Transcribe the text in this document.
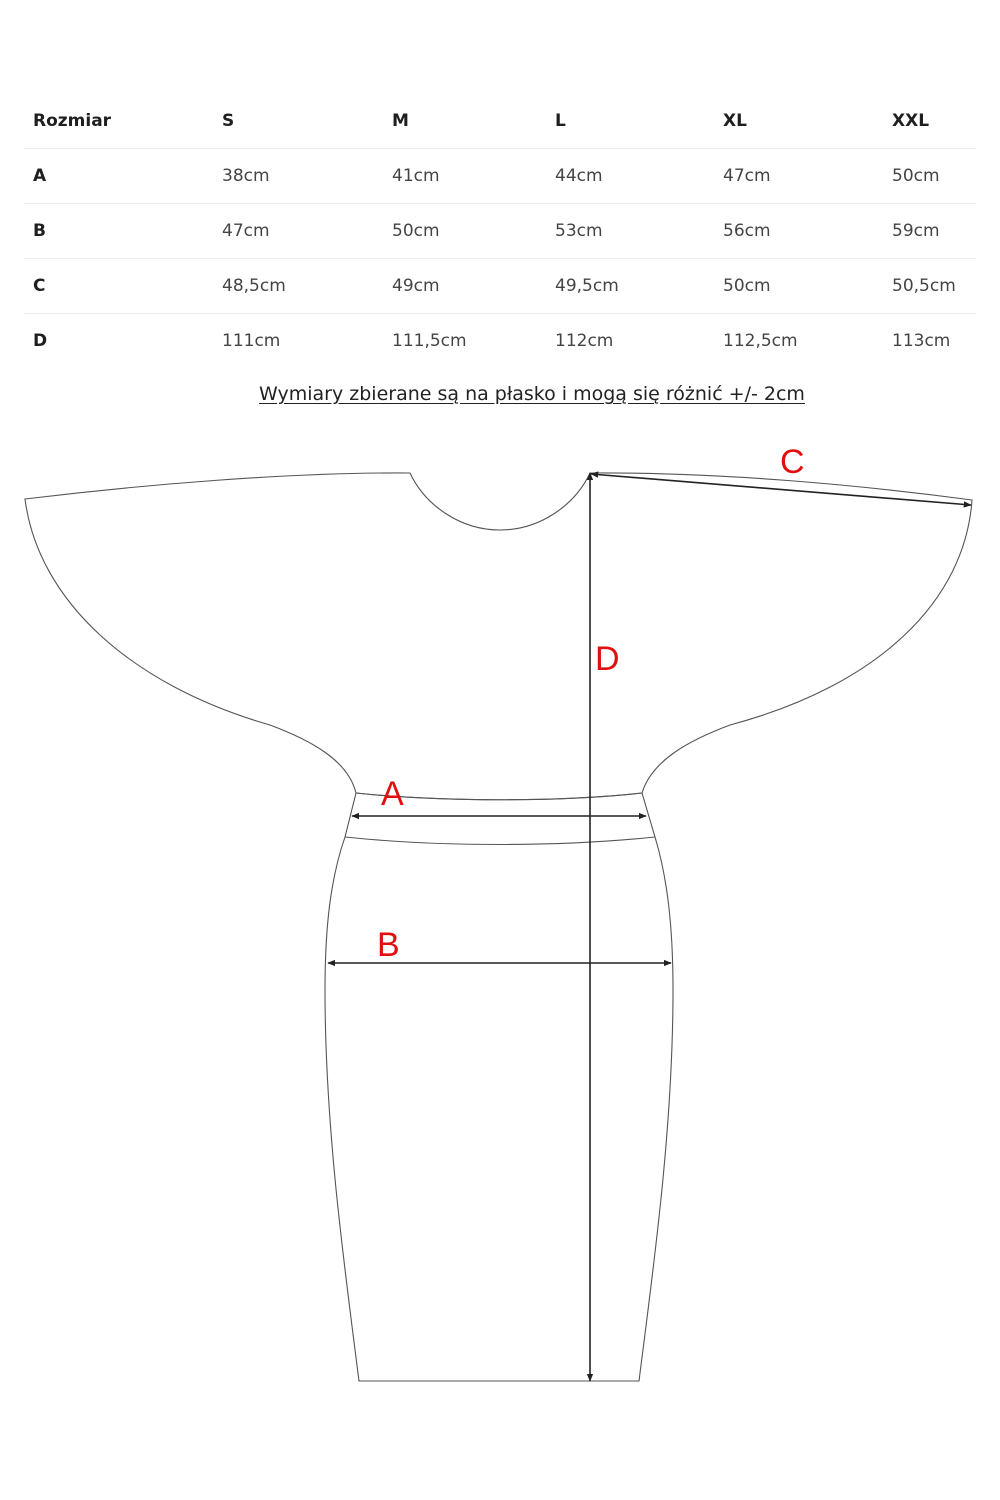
Rozmiar	S	M	L	XL	XXL
A	38cm	41cm	44cm	47cm	50cm
B	47cm	50cm	53cm	56cm	59cm
C	48,5cm	49cm	49,5cm	50cm	50,5cm
D	111cm	111,5cm	112cm	112,5cm	113cm
Wymiary zbierane są na płasko i mogą się różnić +/- 2cm
C
D
A
B
